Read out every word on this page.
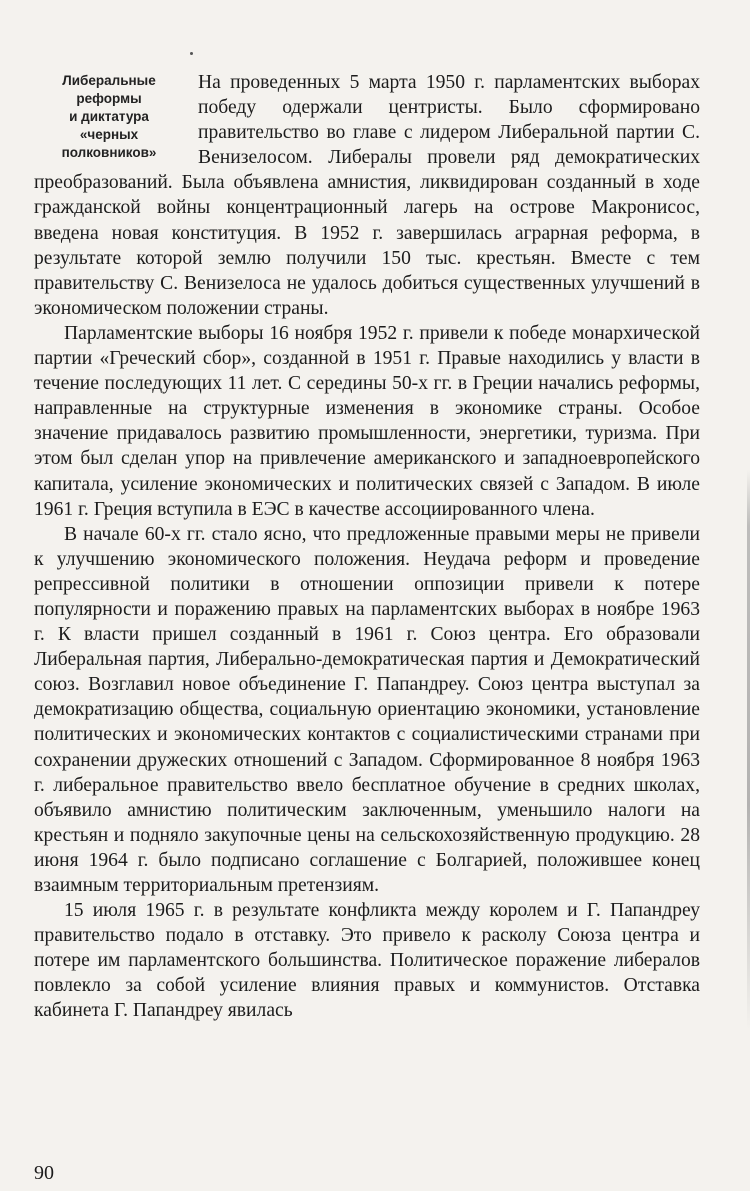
Либеральные
реформы
и диктатура
«черных
полковников»

На проведенных 5 марта 1950 г. парламентских выборах победу одержали центристы. Было сформировано правительство во главе с лидером Либеральной партии С. Венизелосом. Либералы провели ряд демократических преобразований. Была объявлена амнистия, ликвидирован созданный в ходе гражданской войны концентрационный лагерь на острове Макронисос, введена новая конституция. В 1952 г. завершилась аграрная реформа, в результате которой землю получили 150 тыс. крестьян. Вместе с тем правительству С. Венизелоса не удалось добиться существенных улучшений в экономическом положении страны.

Парламентские выборы 16 ноября 1952 г. привели к победе монархической партии «Греческий сбор», созданной в 1951 г. Правые находились у власти в течение последующих 11 лет. С середины 50-х гг. в Греции начались реформы, направленные на структурные изменения в экономике страны. Особое значение придавалось развитию промышленности, энергетики, туризма. При этом был сделан упор на привлечение американского и западноевропейского капитала, усиление экономических и политических связей с Западом. В июле 1961 г. Греция вступила в ЕЭС в качестве ассоциированного члена.

В начале 60-х гг. стало ясно, что предложенные правыми меры не привели к улучшению экономического положения. Неудача реформ и проведение репрессивной политики в отношении оппозиции привели к потере популярности и поражению правых на парламентских выборах в ноябре 1963 г. К власти пришел созданный в 1961 г. Союз центра. Его образовали Либеральная партия, Либерально-демократическая партия и Демократический союз. Возглавил новое объединение Г. Папандреу. Союз центра выступал за демократизацию общества, социальную ориентацию экономики, установление политических и экономических контактов с социалистическими странами при сохранении дружеских отношений с Западом. Сформированное 8 ноября 1963 г. либеральное правительство ввело бесплатное обучение в средних школах, объявило амнистию политическим заключенным, уменьшило налоги на крестьян и подняло закупочные цены на сельскохозяйственную продукцию. 28 июня 1964 г. было подписано соглашение с Болгарией, положившее конец взаимным территориальным претензиям.

15 июля 1965 г. в результате конфликта между королем и Г. Папандреу правительство подало в отставку. Это привело к расколу Союза центра и потере им парламентского большинства. Политическое поражение либералов повлекло за собой усиление влияния правых и коммунистов. Отставка кабинета Г. Папандреу явилась

90
